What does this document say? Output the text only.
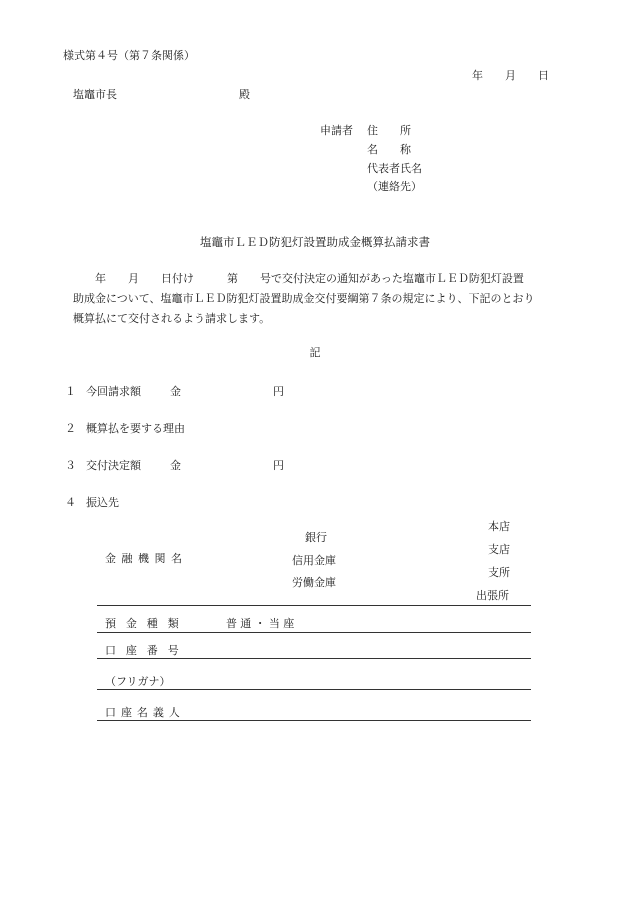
様式第４号（第７条関係）
年　　月　　日
塩竈市長	殿
申請者 住　　所
名　　称
代表者氏名
（連絡先）
塩竈市ＬＥＤ防犯灯設置助成金概算払請求書
　　年　　月　　日付け　　　第　　号で交付決定の通知があった塩竈市ＬＥＤ防犯灯設置
助成金について、塩竈市ＬＥＤ防犯灯設置助成金交付要綱第７条の規定により、下記のとおり
概算払にて交付されるよう請求します。
記
１ 今回請求額	金	円
２ 概算払を要する理由
３ 交付決定額	金	円
４ 振込先
金融機関名
銀行
信用金庫
労働金庫
本店
支店
支所
出張所
預金種類	普通・当座
口座番号
（フリガナ）
口座名義人
